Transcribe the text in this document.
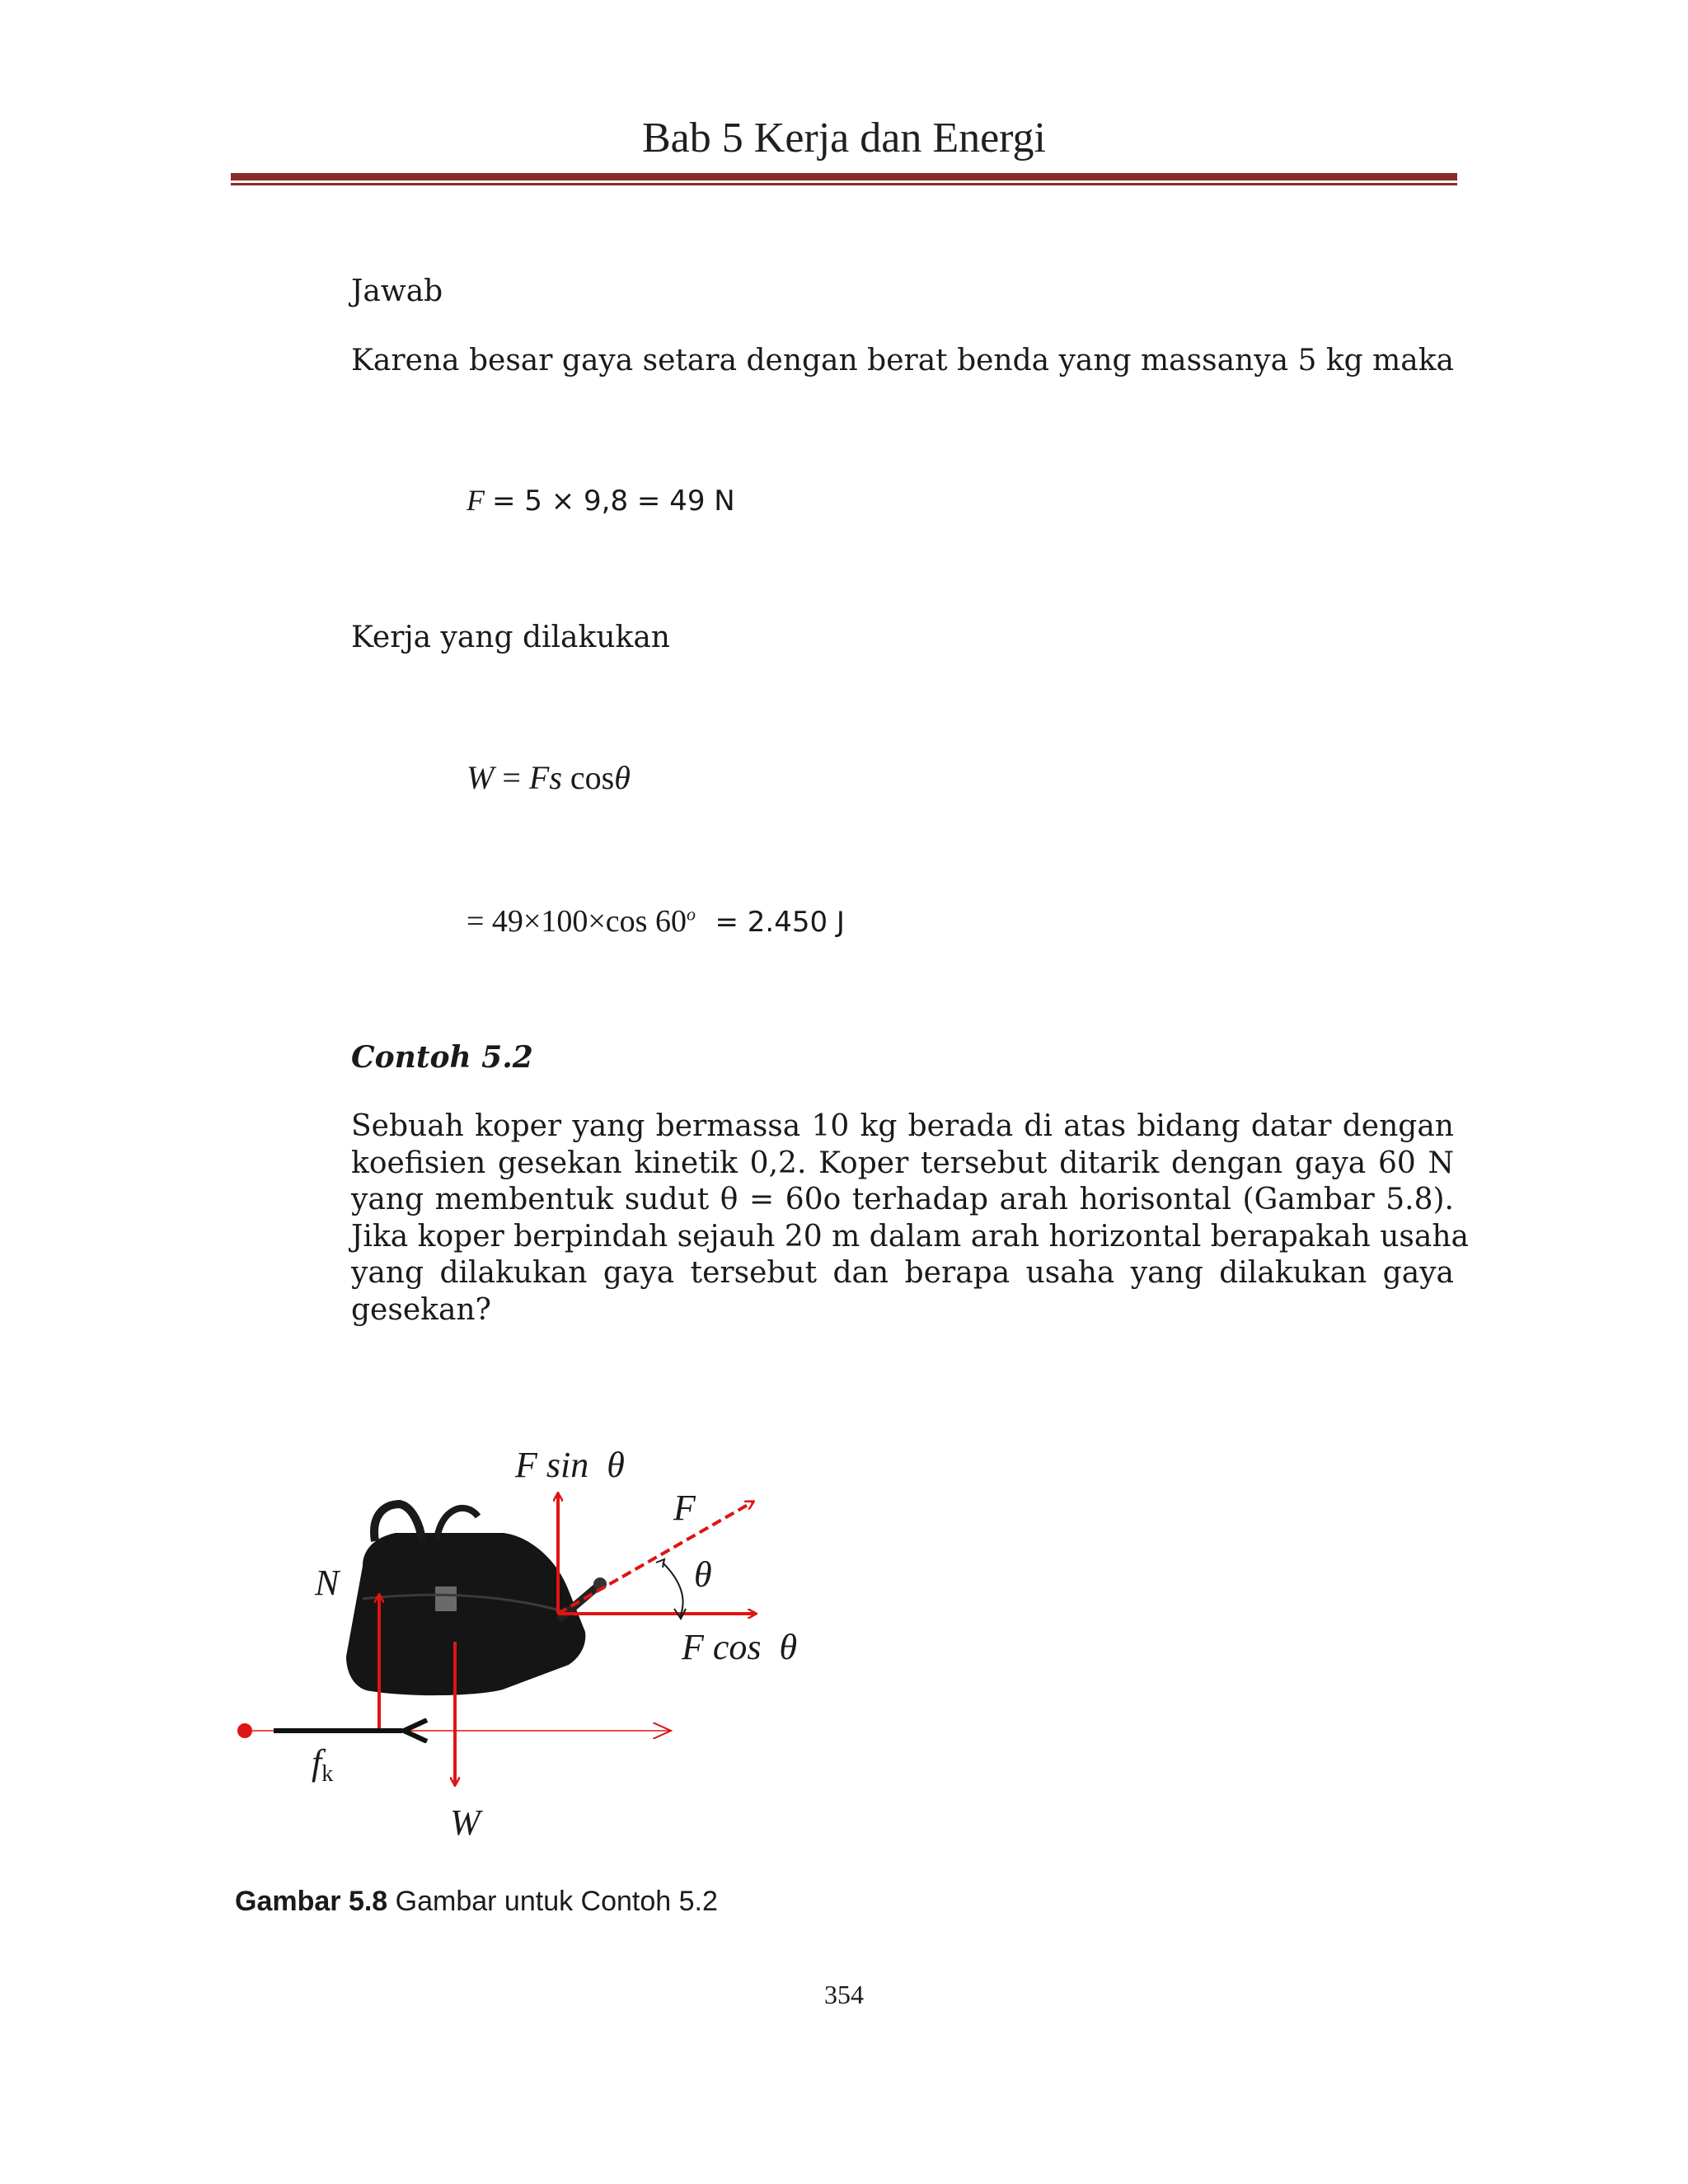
Bab 5 Kerja dan Energi
Jawab
Karena besar gaya setara dengan berat benda yang massanya 5 kg maka
F = 5 × 9,8 = 49 N
Kerja yang dilakukan
W = Fs cosθ
= 49×100×cos $60^o = 2.450$ J
Contoh 5.2
Sebuah koper yang bermassa 10 kg berada di atas bidang datar dengan
koefisien gesekan kinetik 0,2. Koper tersebut ditarik dengan gaya 60 N
yang membentuk sudut θ = 60o terhadap arah horisontal (Gambar 5.8).
Jika koper berpindah sejauh 20 m dalam arah horizontal berapakah usaha
yang dilakukan gaya tersebut dan berapa usaha yang dilakukan gaya
gesekan?
F sin  θ
F
θ
N
F cos  θ
fk
W
Gambar 5.8 Gambar untuk Contoh 5.2
354
